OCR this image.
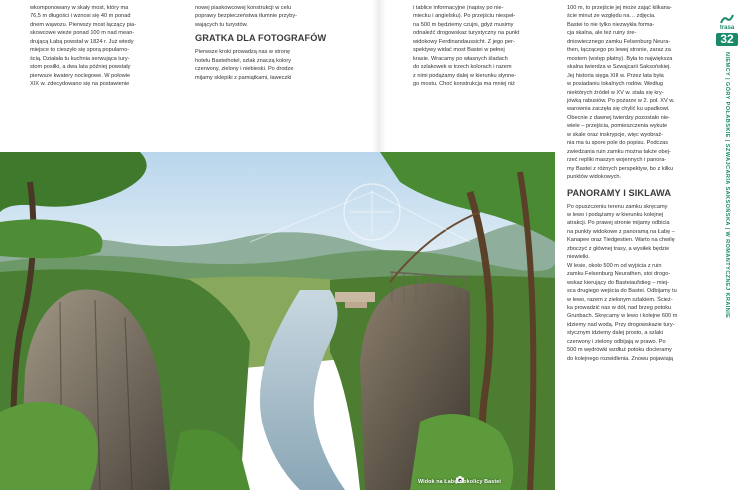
wkomponowany w skały most, który ma

76,5 m długości i wznosi się 40 m ponad

dnem wąwozu. Pierwszy most łączący pia-

skowcowe wieże ponad 100 m nad mean-

drującą Łabą powstał w 1824 r. Już wtedy

miejsce to cieszyło się sporą popularno-

ścią. Działała tu kuchnia serwująca tury-

stom posiłki, a dwa lata później powstały

pierwsze kwatery noclegowe. W połowie

XIX w. zdecydowano się na postawienie

nowej piaskowcowej konstrukcji w celu

poprawy bezpieczeństwa tłumnie przyby-

wających tu turystów.

GRATKA DLA FOTOGRAFÓW

Pierwsze kroki prowadzą nas w stronę

hotelu Basteihotel, szlak znaczą kolory

czerwony, zielony i niebieski. Po drodze

mijamy sklepiki z pamiątkami, ławeczki

i tablice informacyjne (napisy po nie-

miecku i angielsku). Po przejściu niespeł-

na 500 m będziemy czujni, gdyż musimy

odnaleźć drogowskaz turystyczny na punkt

widokowy Ferdinandaussicht. Z jego per-

spektywy widać most Bastei w pełnej

krasie. Wracamy po własnych śladach

do szlakowek w trzech kolorach i razem

z nimi podążamy dalej w kierunku słynne-

go mostu. Choć konstrukcja ma mniej niż

100 m, to przejście jej może zająć kilkana-

ście minut ze względu na… zdjęcia.

Bastei to nie tylko niezwykła forma-

cja skalna, ale też ruiny śre-

dniowiecznego zamku Felsenburg Neura-

then, łączącego po lewej stronie, zaraz za

mostem (wstęp płatny). Była to największa

skalna twierdza w Szwajcarii Saksońskiej.

Jej historia sięga XIII w. Przez lata była

w posiadaniu lokalnych rodów. Według

niektórych źródeł w XV w. stała się kry-

jówką rabusiów. Po pożarze w 2. poł. XV w.

warownia zaczęła się chylić ku upadkowi.

Obecnie z dawnej twierdzy pozostało nie-

wiele – przejścia, pomieszczenia wykute

w skale oraz inskrypcje, więc wyobraź-

nia ma tu spore pole do popisu. Podczas

zwiedzania ruin zamku można także obej-

rzeć repliki maszyn wojennych i panora-

my Bastei z różnych perspektyw, bo z kilku

punktów widokowych.

PANORAMY I SIKLAWA

Po opuszczeniu terenu zamku skręcamy

w lewo i podążamy w kierunku kolejnej

atrakcji. Po prawej stronie mijamy odbicia

na punkty widokowe z panoramą na Łabę –

Kanapee oraz Tiedgestien. Warto na chwilę

zboczyć z głównej trasy, a wysiłek będzie

niewielki.

W lesie, około 500 m od wyjścia z ruin

zamku Felsenburg Neurathen, stoi drogo-

wskaz kierujący do Basteiaufstieg – miej-

sca drugiego wejścia do Bastei. Odbijamy tu

w lewo, razem z zielonym szlakiem. Ścież-

ka prowadzić nas w dół, nad brzeg potoku

Grunbach. Skręcamy w lewo i kolejne 600 m

idziemy nad wodą. Przy drogowskazie tury-

stycznym idziemy dalej prosto, a szlaki

czerwony i zielony odbijają w prawo. Po

500 m wędrówki wzdłuż potoku docieramy

do kolejnego rozwidlenia. Znowu pojawiają

Widok na Łabę z okolicy Bastei
trasa
32
NIEMCY | GÓRY POŁABSKIE | SZWAJCARIA SAKSOŃSKA | W ROMANTYCZNEJ KRAINIE
